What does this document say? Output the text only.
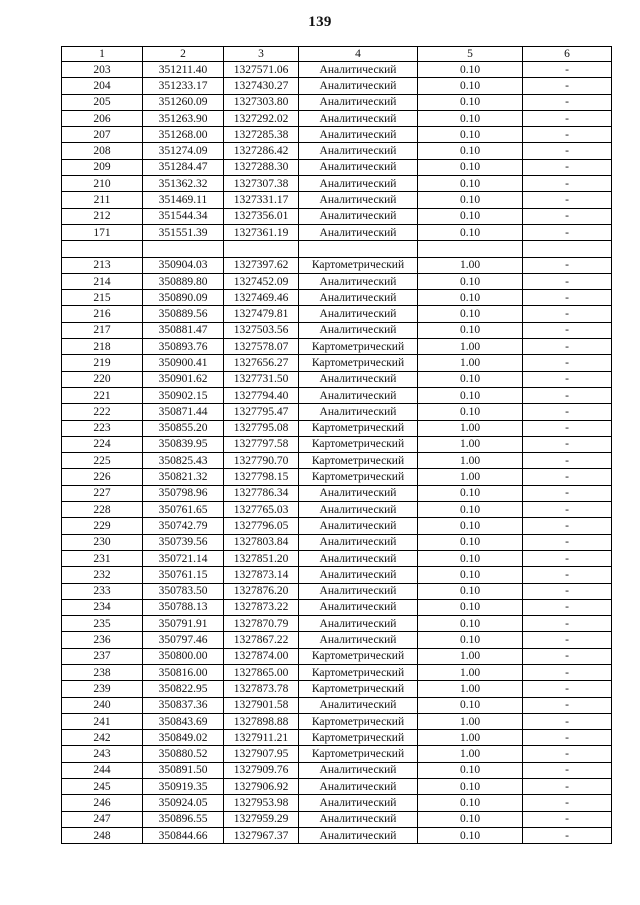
139
1	2	3	4	5	6
203	351211.40	1327571.06	Аналитический	0.10	-
204	351233.17	1327430.27	Аналитический	0.10	-
205	351260.09	1327303.80	Аналитический	0.10	-
206	351263.90	1327292.02	Аналитический	0.10	-
207	351268.00	1327285.38	Аналитический	0.10	-
208	351274.09	1327286.42	Аналитический	0.10	-
209	351284.47	1327288.30	Аналитический	0.10	-
210	351362.32	1327307.38	Аналитический	0.10	-
211	351469.11	1327331.17	Аналитический	0.10	-
212	351544.34	1327356.01	Аналитический	0.10	-
171	351551.39	1327361.19	Аналитический	0.10	-

213	350904.03	1327397.62	Картометрический	1.00	-
214	350889.80	1327452.09	Аналитический	0.10	-
215	350890.09	1327469.46	Аналитический	0.10	-
216	350889.56	1327479.81	Аналитический	0.10	-
217	350881.47	1327503.56	Аналитический	0.10	-
218	350893.76	1327578.07	Картометрический	1.00	-
219	350900.41	1327656.27	Картометрический	1.00	-
220	350901.62	1327731.50	Аналитический	0.10	-
221	350902.15	1327794.40	Аналитический	0.10	-
222	350871.44	1327795.47	Аналитический	0.10	-
223	350855.20	1327795.08	Картометрический	1.00	-
224	350839.95	1327797.58	Картометрический	1.00	-
225	350825.43	1327790.70	Картометрический	1.00	-
226	350821.32	1327798.15	Картометрический	1.00	-
227	350798.96	1327786.34	Аналитический	0.10	-
228	350761.65	1327765.03	Аналитический	0.10	-
229	350742.79	1327796.05	Аналитический	0.10	-
230	350739.56	1327803.84	Аналитический	0.10	-
231	350721.14	1327851.20	Аналитический	0.10	-
232	350761.15	1327873.14	Аналитический	0.10	-
233	350783.50	1327876.20	Аналитический	0.10	-
234	350788.13	1327873.22	Аналитический	0.10	-
235	350791.91	1327870.79	Аналитический	0.10	-
236	350797.46	1327867.22	Аналитический	0.10	-
237	350800.00	1327874.00	Картометрический	1.00	-
238	350816.00	1327865.00	Картометрический	1.00	-
239	350822.95	1327873.78	Картометрический	1.00	-
240	350837.36	1327901.58	Аналитический	0.10	-
241	350843.69	1327898.88	Картометрический	1.00	-
242	350849.02	1327911.21	Картометрический	1.00	-
243	350880.52	1327907.95	Картометрический	1.00	-
244	350891.50	1327909.76	Аналитический	0.10	-
245	350919.35	1327906.92	Аналитический	0.10	-
246	350924.05	1327953.98	Аналитический	0.10	-
247	350896.55	1327959.29	Аналитический	0.10	-
248	350844.66	1327967.37	Аналитический	0.10	-
